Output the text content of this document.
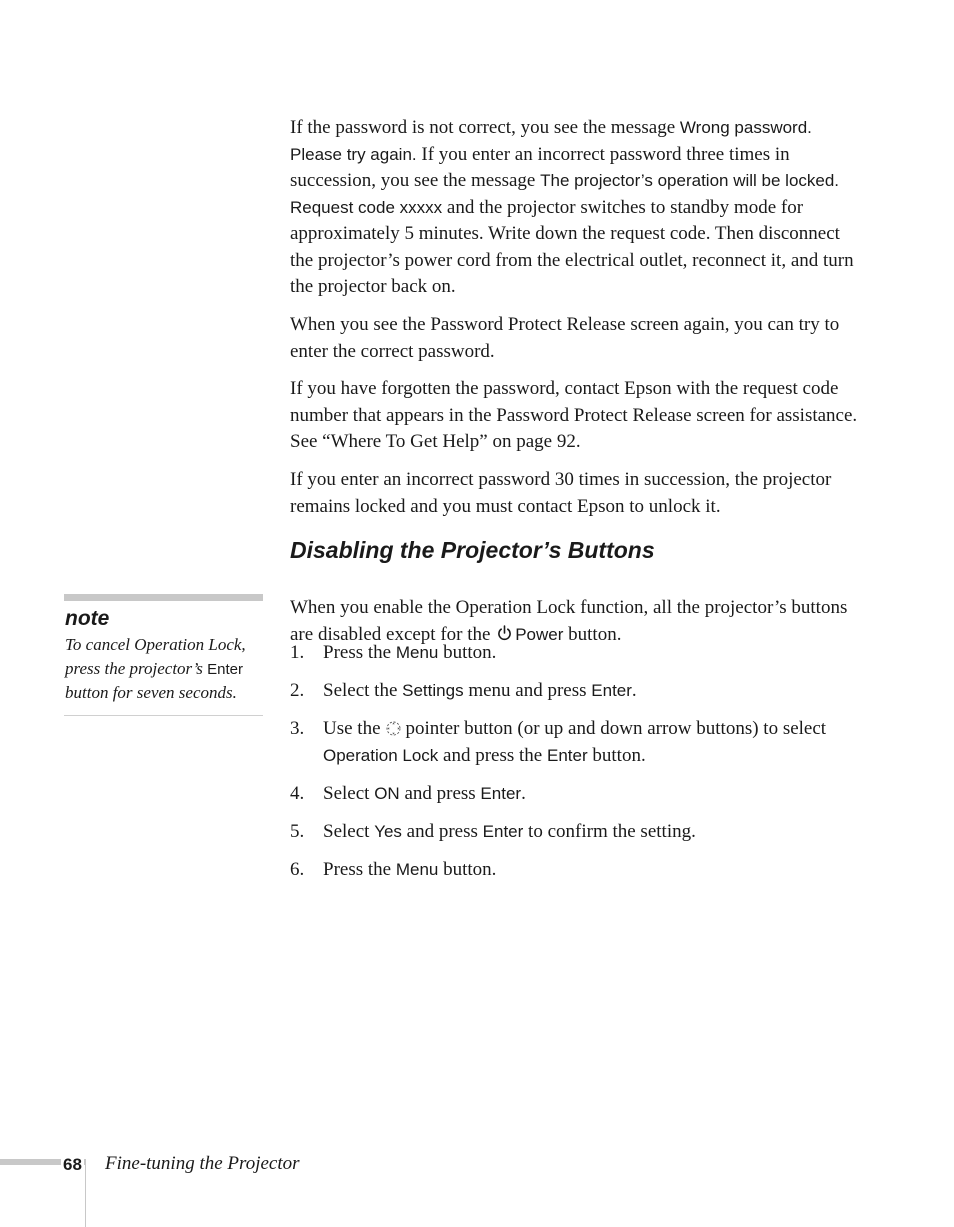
If the password is not correct, you see the message Wrong password. Please try again. If you enter an incorrect password three times in succession, you see the message The projector’s operation will be locked. Request code xxxxx and the projector switches to standby mode for approximately 5 minutes. Write down the request code. Then disconnect the projector’s power cord from the electrical outlet, reconnect it, and turn the projector back on.

When you see the Password Protect Release screen again, you can try to enter the correct password.

If you have forgotten the password, contact Epson with the request code number that appears in the Password Protect Release screen for assistance. See “Where To Get Help” on page 92.

If you enter an incorrect password 30 times in succession, the projector remains locked and you must contact Epson to unlock it.

Disabling the Projector’s Buttons

When you enable the Operation Lock function, all the projector’s buttons are disabled except for the Power button.

1. Press the Menu button.
2. Select the Settings menu and press Enter.
3. Use the pointer button (or up and down arrow buttons) to select Operation Lock and press the Enter button.
4. Select ON and press Enter.
5. Select Yes and press Enter to confirm the setting.
6. Press the Menu button.
note
To cancel Operation Lock, press the projector’s Enter button for seven seconds.
68 Fine-tuning the Projector
